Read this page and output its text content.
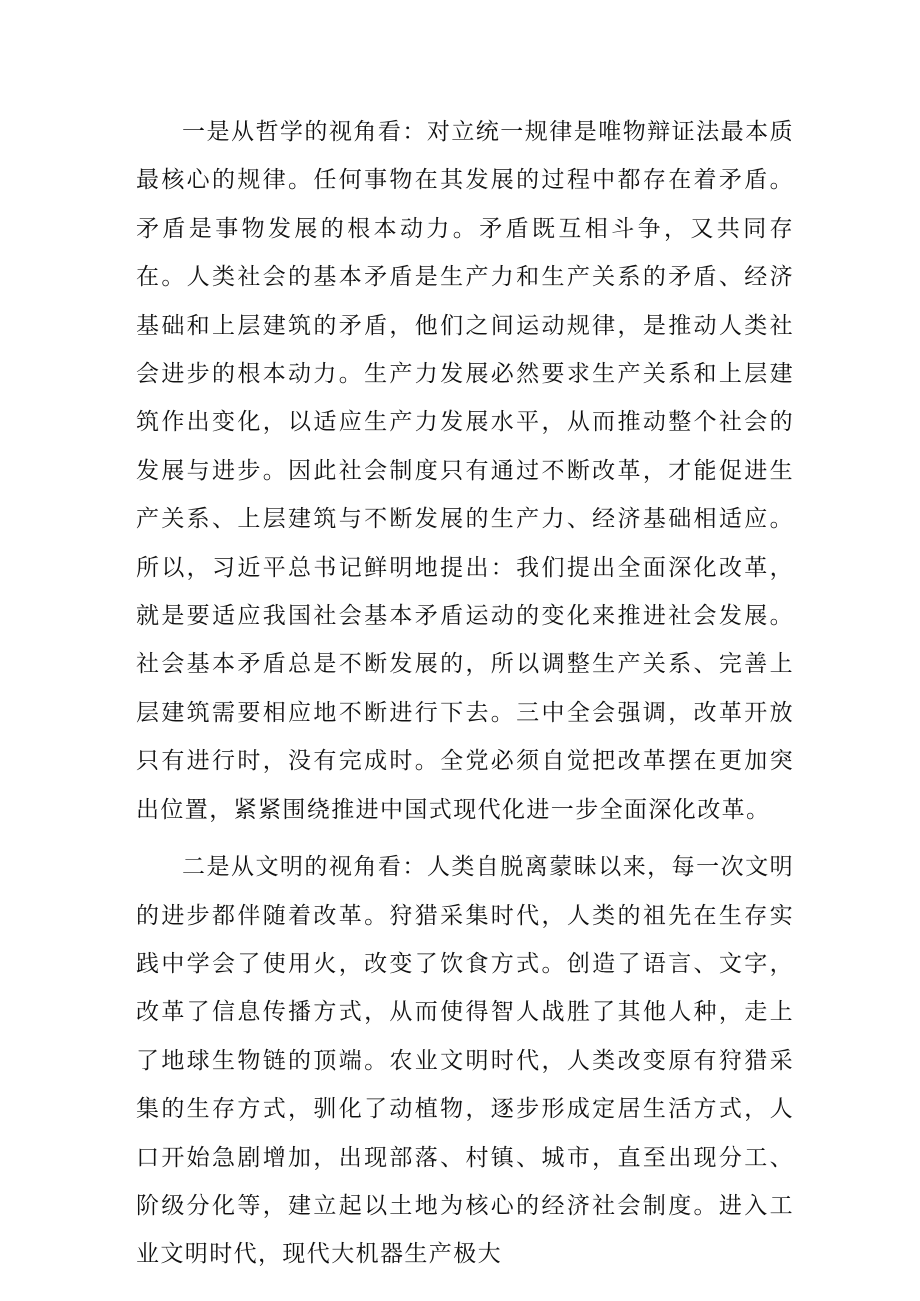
一是从哲学的视角看：对立统一规律是唯物辩证法最本质最核心的规律。任何事物在其发展的过程中都存在着矛盾。矛盾是事物发展的根本动力。矛盾既互相斗争，又共同存在。人类社会的基本矛盾是生产力和生产关系的矛盾、经济基础和上层建筑的矛盾，他们之间运动规律，是推动人类社会进步的根本动力。生产力发展必然要求生产关系和上层建筑作出变化，以适应生产力发展水平，从而推动整个社会的发展与进步。因此社会制度只有通过不断改革，才能促进生产关系、上层建筑与不断发展的生产力、经济基础相适应。所以，习近平总书记鲜明地提出：我们提出全面深化改革，就是要适应我国社会基本矛盾运动的变化来推进社会发展。社会基本矛盾总是不断发展的，所以调整生产关系、完善上层建筑需要相应地不断进行下去。三中全会强调，改革开放只有进行时，没有完成时。全党必须自觉把改革摆在更加突出位置，紧紧围绕推进中国式现代化进一步全面深化改革。

二是从文明的视角看：人类自脱离蒙昧以来，每一次文明的进步都伴随着改革。狩猎采集时代，人类的祖先在生存实践中学会了使用火，改变了饮食方式。创造了语言、文字，改革了信息传播方式，从而使得智人战胜了其他人种，走上了地球生物链的顶端。农业文明时代，人类改变原有狩猎采集的生存方式，驯化了动植物，逐步形成定居生活方式，人口开始急剧增加，出现部落、村镇、城市，直至出现分工、阶级分化等，建立起以土地为核心的经济社会制度。进入工业文明时代，现代大机器生产极大
